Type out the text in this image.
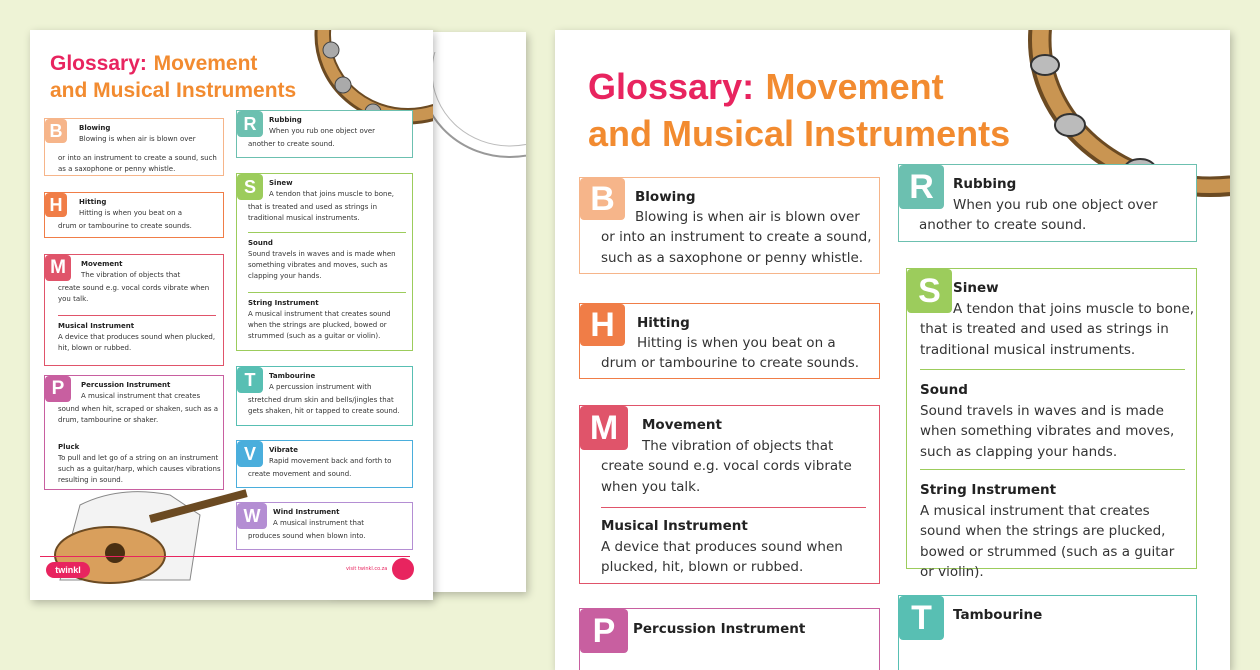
Glossary: Movement
and Musical Instruments
B	Blowing
Blowing is when air is blown over
or into an instrument to create a sound, such as a saxophone or penny whistle.
H	Hitting
Hitting is when you beat on a
drum or tambourine to create sounds.
M	Movement
The vibration of objects that
create sound e.g. vocal cords vibrate when you talk.
Musical Instrument
A device that produces sound when plucked, hit, blown or rubbed.
P	Percussion Instrument
A musical instrument that creates
sound when hit, scraped or shaken, such as a drum, tambourine or shaker.
Pluck
To pull and let go of a string on an instrument such as a guitar/harp, which causes vibrations resulting in sound.
R	Rubbing
When you rub one object over
another to create sound.
S	Sinew
A tendon that joins muscle to bone,
that is treated and used as strings in traditional musical instruments.
Sound
Sound travels in waves and is made when something vibrates and moves, such as clapping your hands.
String Instrument
A musical instrument that creates sound when the strings are plucked, bowed or strummed (such as a guitar or violin).
T	Tambourine
A percussion instrument with
stretched drum skin and bells/jingles that gets shaken, hit or tapped to create sound.
V	Vibrate
Rapid movement back and forth to
create movement and sound.
W	Wind Instrument
A musical instrument that
produces sound when blown into.
twinkl	visit twinkl.co.za
Glossary: Movement
and Musical Instruments
B	Blowing
Blowing is when air is blown over
or into an instrument to create a sound, such as a saxophone or penny whistle.
H	Hitting
Hitting is when you beat on a
drum or tambourine to create sounds.
M	Movement
The vibration of objects that
create sound e.g. vocal cords vibrate when you talk.
Musical Instrument
A device that produces sound when plucked, hit, blown or rubbed.
P	Percussion Instrument
R	Rubbing
When you rub one object over
another to create sound.
S Sinew
A tendon that joins muscle to bone,
that is treated and used as strings in traditional musical instruments.
Sound
Sound travels in waves and is made when something vibrates and moves, such as clapping your hands.
String Instrument
A musical instrument that creates sound when the strings are plucked, bowed or strummed (such as a guitar or violin).
T	Tambourine
